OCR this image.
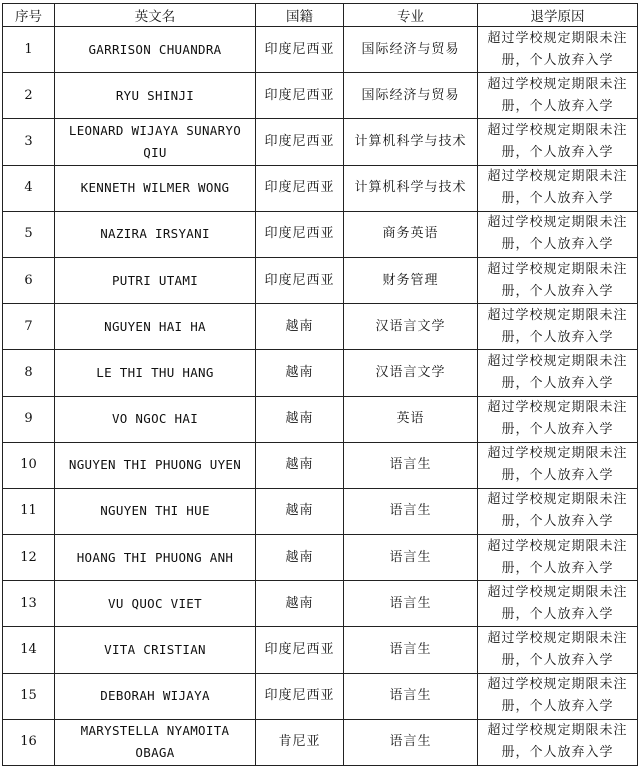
序号	英文名	国籍	专业	退学原因
1	GARRISON CHUANDRA	印度尼西亚	国际经济与贸易	超过学校规定期限未注册，个人放弃入学
2	RYU SHINJI	印度尼西亚	国际经济与贸易	超过学校规定期限未注册，个人放弃入学
3	LEONARD WIJAYA SUNARYO QIU	印度尼西亚	计算机科学与技术	超过学校规定期限未注册，个人放弃入学
4	KENNETH WILMER WONG	印度尼西亚	计算机科学与技术	超过学校规定期限未注册，个人放弃入学
5	NAZIRA IRSYANI	印度尼西亚	商务英语	超过学校规定期限未注册，个人放弃入学
6	PUTRI UTAMI	印度尼西亚	财务管理	超过学校规定期限未注册，个人放弃入学
7	NGUYEN HAI HA	越南	汉语言文学	超过学校规定期限未注册，个人放弃入学
8	LE THI THU HANG	越南	汉语言文学	超过学校规定期限未注册，个人放弃入学
9	VO NGOC HAI	越南	英语	超过学校规定期限未注册，个人放弃入学
10	NGUYEN THI PHUONG UYEN	越南	语言生	超过学校规定期限未注册，个人放弃入学
11	NGUYEN THI HUE	越南	语言生	超过学校规定期限未注册，个人放弃入学
12	HOANG THI PHUONG ANH	越南	语言生	超过学校规定期限未注册，个人放弃入学
13	VU QUOC VIET	越南	语言生	超过学校规定期限未注册，个人放弃入学
14	VITA CRISTIAN	印度尼西亚	语言生	超过学校规定期限未注册，个人放弃入学
15	DEBORAH WIJAYA	印度尼西亚	语言生	超过学校规定期限未注册，个人放弃入学
16	MARYSTELLA NYAMOITA OBAGA	肯尼亚	语言生	超过学校规定期限未注册，个人放弃入学
